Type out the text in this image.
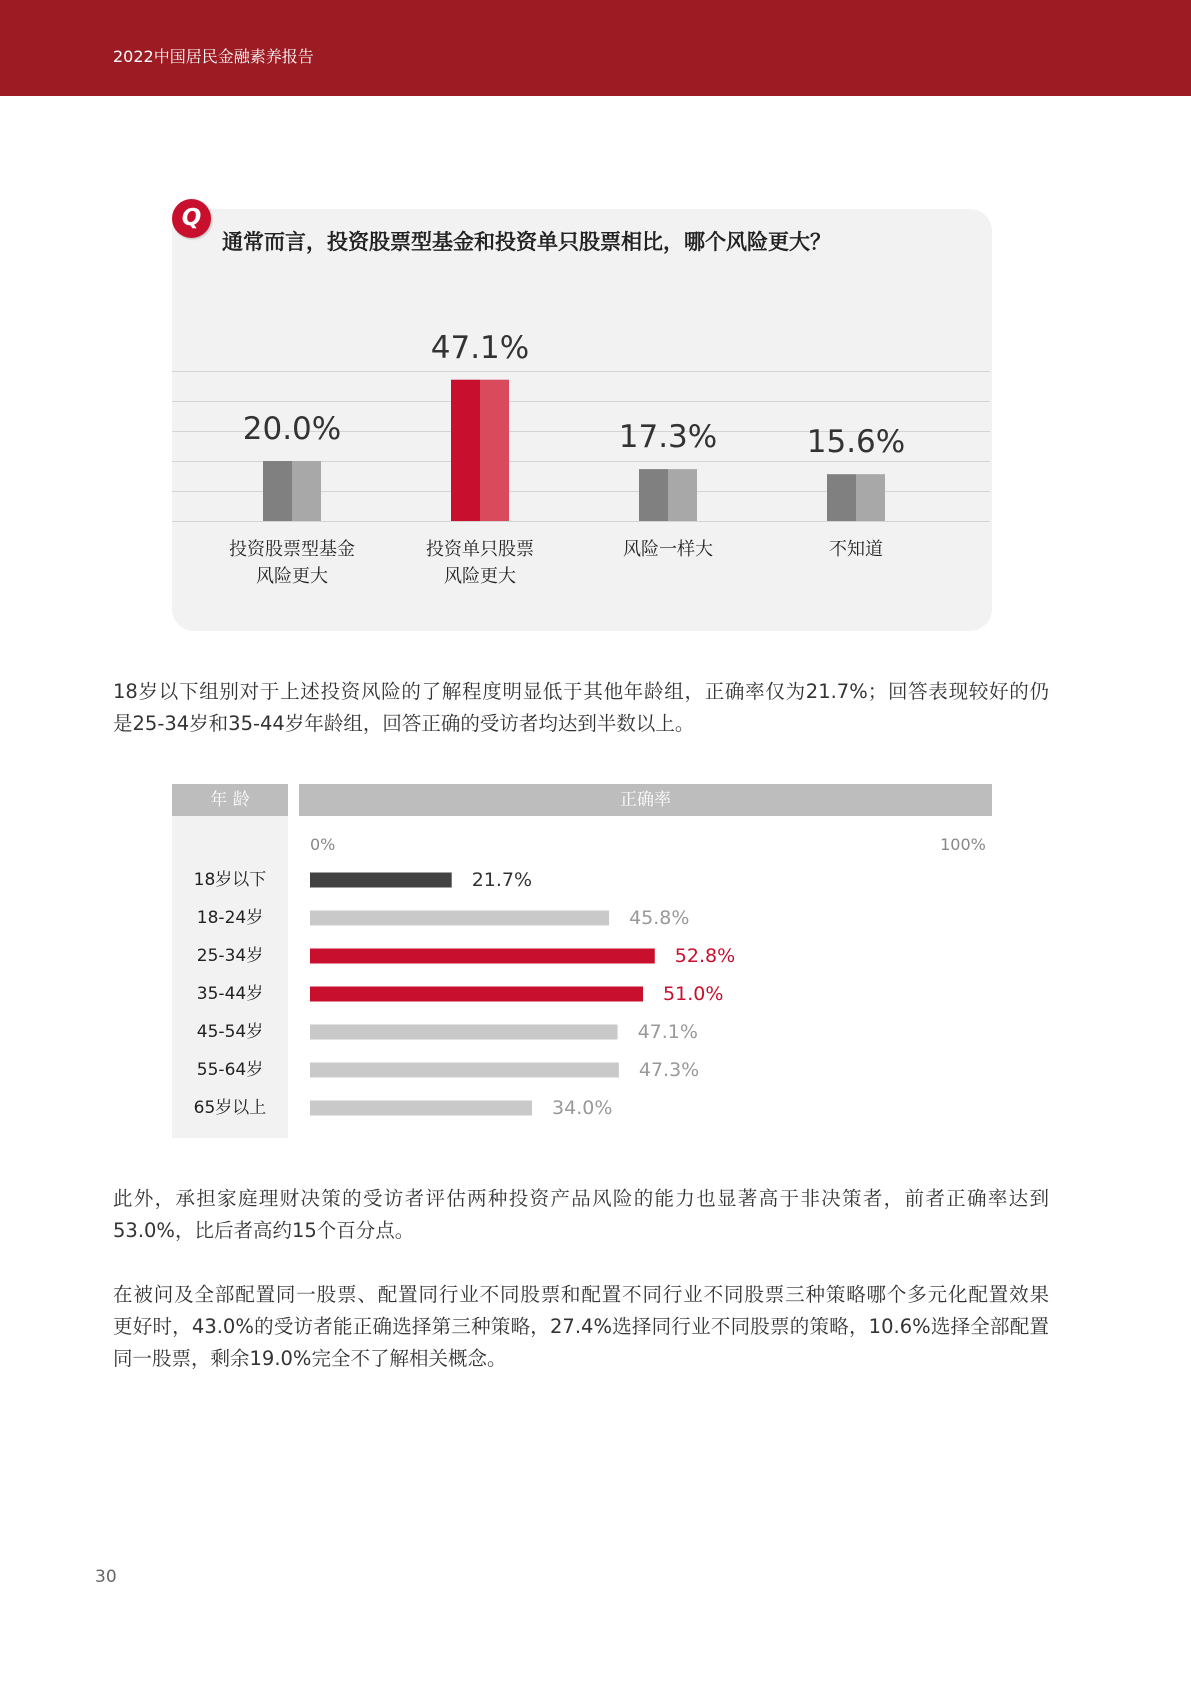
2022中国居民金融素养报告
Q
通常而言，投资股票型基金和投资单只股票相比，哪个风险更大？
20.0%
投资股票型基金
风险更大
47.1%
投资单只股票
风险更大
17.3%
风险一样大
15.6%
不知道
18岁以下组别对于上述投资风险的了解程度明显低于其他年龄组，正确率仅为21.7%；回答表现较好的仍
是25-34岁和35-44岁年龄组，回答正确的受访者均达到半数以上。
年 龄	正确率
0%	100%
18岁以下	21.7%
18-24岁	45.8%
25-34岁	52.8%
35-44岁	51.0%
45-54岁	47.1%
55-64岁	47.3%
65岁以上	34.0%
此外，承担家庭理财决策的受访者评估两种投资产品风险的能力也显著高于非决策者，前者正确率达到
53.0%，比后者高约15个百分点。
在被问及全部配置同一股票、配置同行业不同股票和配置不同行业不同股票三种策略哪个多元化配置效果
更好时，43.0%的受访者能正确选择第三种策略，27.4%选择同行业不同股票的策略，10.6%选择全部配置
同一股票，剩余19.0%完全不了解相关概念。
30
